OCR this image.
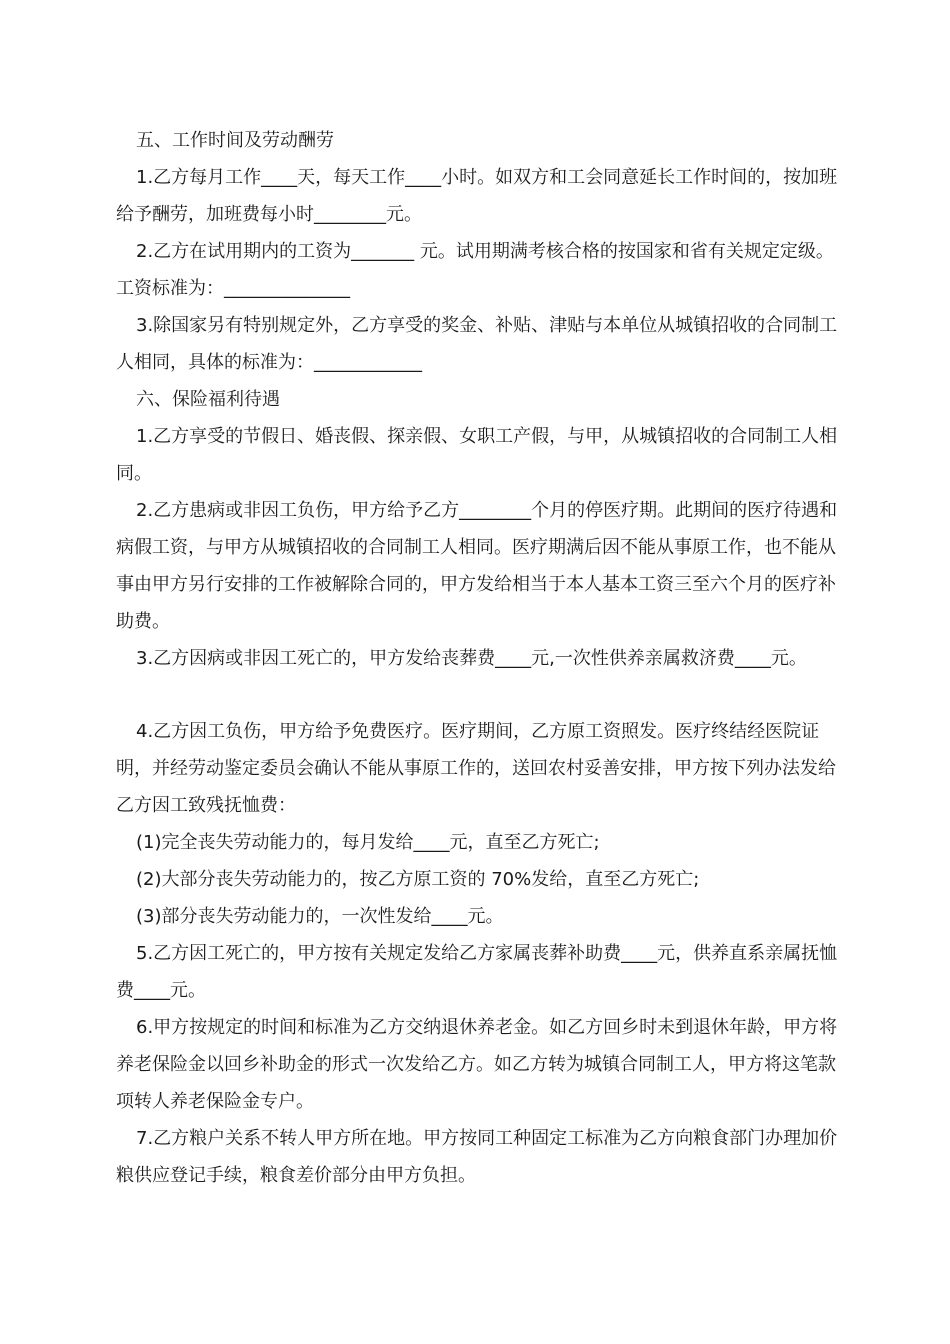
五、工作时间及劳动酬劳

1.乙方每月工作____天，每天工作____小时。如双方和工会同意延长工作时间的，按加班给予酬劳，加班费每小时________元。

2.乙方在试用期内的工资为_______ 元。试用期满考核合格的按国家和省有关规定定级。工资标准为：______________

3.除国家另有特别规定外，乙方享受的奖金、补贴、津贴与本单位从城镇招收的合同制工人相同，具体的标准为：____________

六、保险福利待遇

1.乙方享受的节假日、婚丧假、探亲假、女职工产假，与甲，从城镇招收的合同制工人相同。

2.乙方患病或非因工负伤，甲方给予乙方________个月的停医疗期。此期间的医疗待遇和病假工资，与甲方从城镇招收的合同制工人相同。医疗期满后因不能从事原工作，也不能从事由甲方另行安排的工作被解除合同的，甲方发给相当于本人基本工资三至六个月的医疗补助费。

3.乙方因病或非因工死亡的，甲方发给丧葬费____元,一次性供养亲属救济费____元。

4.乙方因工负伤，甲方给予免费医疗。医疗期间，乙方原工资照发。医疗终结经医院证明，并经劳动鉴定委员会确认不能从事原工作的，送回农村妥善安排，甲方按下列办法发给乙方因工致残抚恤费：

(1)完全丧失劳动能力的，每月发给____元，直至乙方死亡;

(2)大部分丧失劳动能力的，按乙方原工资的 70%发给，直至乙方死亡;

(3)部分丧失劳动能力的，一次性发给____元。

5.乙方因工死亡的，甲方按有关规定发给乙方家属丧葬补助费____元，供养直系亲属抚恤费____元。

6.甲方按规定的时间和标准为乙方交纳退休养老金。如乙方回乡时未到退休年龄，甲方将养老保险金以回乡补助金的形式一次发给乙方。如乙方转为城镇合同制工人，甲方将这笔款项转人养老保险金专户。

7.乙方粮户关系不转人甲方所在地。甲方按同工种固定工标准为乙方向粮食部门办理加价粮供应登记手续，粮食差价部分由甲方负担。
